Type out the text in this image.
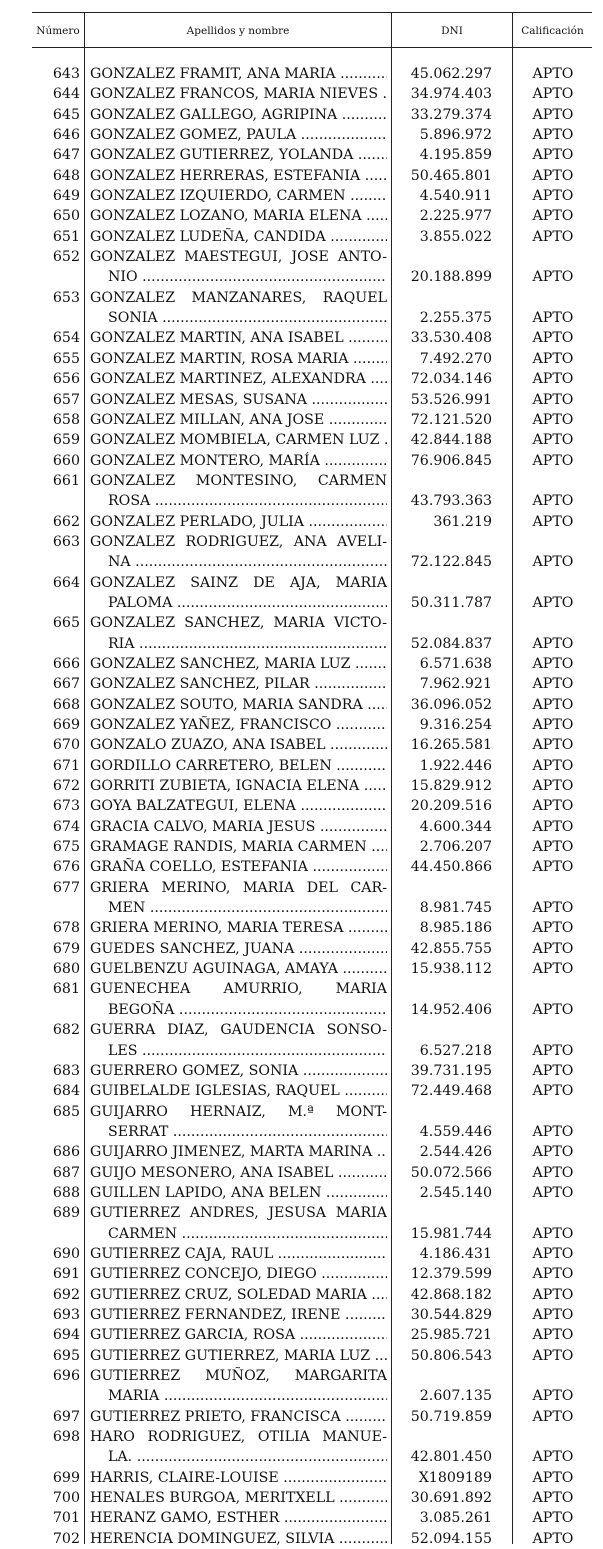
Número	Apellidos y nombre	DNI	Calificación
643 GONZALEZ FRAMIT, ANA MARIA .....	45.062.297	APTO
644 GONZALEZ FRANCOS, MARIA NIEVES .....	34.974.403	APTO
645 GONZALEZ GALLEGO, AGRIPINA .....	33.279.374	APTO
646 GONZALEZ GOMEZ, PAULA .....	5.896.972	APTO
647 GONZALEZ GUTIERREZ, YOLANDA .....	4.195.859	APTO
648 GONZALEZ HERRERAS, ESTEFANIA .....	50.465.801	APTO
649 GONZALEZ IZQUIERDO, CARMEN .....	4.540.911	APTO
650 GONZALEZ LOZANO, MARIA ELENA .....	2.225.977	APTO
651 GONZALEZ LUDEÑA, CANDIDA .....	3.855.022	APTO
652 GONZALEZ MAESTEGUI, JOSE ANTO-
NIO .....	20.188.899	APTO
653 GONZALEZ MANZANARES, RAQUEL
SONIA .....	2.255.375	APTO
654 GONZALEZ MARTIN, ANA ISABEL .....	33.530.408	APTO
655 GONZALEZ MARTIN, ROSA MARIA .....	7.492.270	APTO
656 GONZALEZ MARTINEZ, ALEXANDRA .....	72.034.146	APTO
657 GONZALEZ MESAS, SUSANA .....	53.526.991	APTO
658 GONZALEZ MILLAN, ANA JOSE .....	72.121.520	APTO
659 GONZALEZ MOMBIELA, CARMEN LUZ .....	42.844.188	APTO
660 GONZALEZ MONTERO, MARÍA .....	76.906.845	APTO
661 GONZALEZ MONTESINO, CARMEN
ROSA .....	43.793.363	APTO
662 GONZALEZ PERLADO, JULIA .....	361.219	APTO
663 GONZALEZ RODRIGUEZ, ANA AVELI-
NA .....	72.122.845	APTO
664 GONZALEZ SAINZ DE AJA, MARIA
PALOMA .....	50.311.787	APTO
665 GONZALEZ SANCHEZ, MARIA VICTO-
RIA .....	52.084.837	APTO
666 GONZALEZ SANCHEZ, MARIA LUZ .....	6.571.638	APTO
667 GONZALEZ SANCHEZ, PILAR .....	7.962.921	APTO
668 GONZALEZ SOUTO, MARIA SANDRA .....	36.096.052	APTO
669 GONZALEZ YAÑEZ, FRANCISCO .....	9.316.254	APTO
670 GONZALO ZUAZO, ANA ISABEL .....	16.265.581	APTO
671 GORDILLO CARRETERO, BELEN .....	1.922.446	APTO
672 GORRITI ZUBIETA, IGNACIA ELENA .....	15.829.912	APTO
673 GOYA BALZATEGUI, ELENA .....	20.209.516	APTO
674 GRACIA CALVO, MARIA JESUS .....	4.600.344	APTO
675 GRAMAGE RANDIS, MARIA CARMEN .....	2.706.207	APTO
676 GRAÑA COELLO, ESTEFANIA .....	44.450.866	APTO
677 GRIERA MERINO, MARIA DEL CAR-
MEN .....	8.981.745	APTO
678 GRIERA MERINO, MARIA TERESA .....	8.985.186	APTO
679 GUEDES SANCHEZ, JUANA .....	42.855.755	APTO
680 GUELBENZU AGUINAGA, AMAYA .....	15.938.112	APTO
681 GUENECHEA AMURRIO, MARIA
BEGOÑA .....	14.952.406	APTO
682 GUERRA DIAZ, GAUDENCIA SONSO-
LES .....	6.527.218	APTO
683 GUERRERO GOMEZ, SONIA .....	39.731.195	APTO
684 GUIBELALDE IGLESIAS, RAQUEL .....	72.449.468	APTO
685 GUIJARRO HERNAIZ, M.ª MONT-
SERRAT .....	4.559.446	APTO
686 GUIJARRO JIMENEZ, MARTA MARINA .....	2.544.426	APTO
687 GUIJO MESONERO, ANA ISABEL .....	50.072.566	APTO
688 GUILLEN LAPIDO, ANA BELEN .....	2.545.140	APTO
689 GUTIERREZ ANDRES, JESUSA MARIA
CARMEN .....	15.981.744	APTO
690 GUTIERREZ CAJA, RAUL .....	4.186.431	APTO
691 GUTIERREZ CONCEJO, DIEGO .....	12.379.599	APTO
692 GUTIERREZ CRUZ, SOLEDAD MARIA .....	42.868.182	APTO
693 GUTIERREZ FERNANDEZ, IRENE .....	30.544.829	APTO
694 GUTIERREZ GARCIA, ROSA .....	25.985.721	APTO
695 GUTIERREZ GUTIERREZ, MARIA LUZ .....	50.806.543	APTO
696 GUTIERREZ MUÑOZ, MARGARITA
MARIA .....	2.607.135	APTO
697 GUTIERREZ PRIETO, FRANCISCA .....	50.719.859	APTO
698 HARO RODRIGUEZ, OTILIA MANUE-
LA. .....	42.801.450	APTO
699 HARRIS, CLAIRE-LOUISE .....	X1809189	APTO
700 HENALES BURGOA, MERITXELL .....	30.691.892	APTO
701 HERANZ GAMO, ESTHER .....	3.085.261	APTO
702 HERENCIA DOMINGUEZ, SILVIA .....	52.094.155	APTO
